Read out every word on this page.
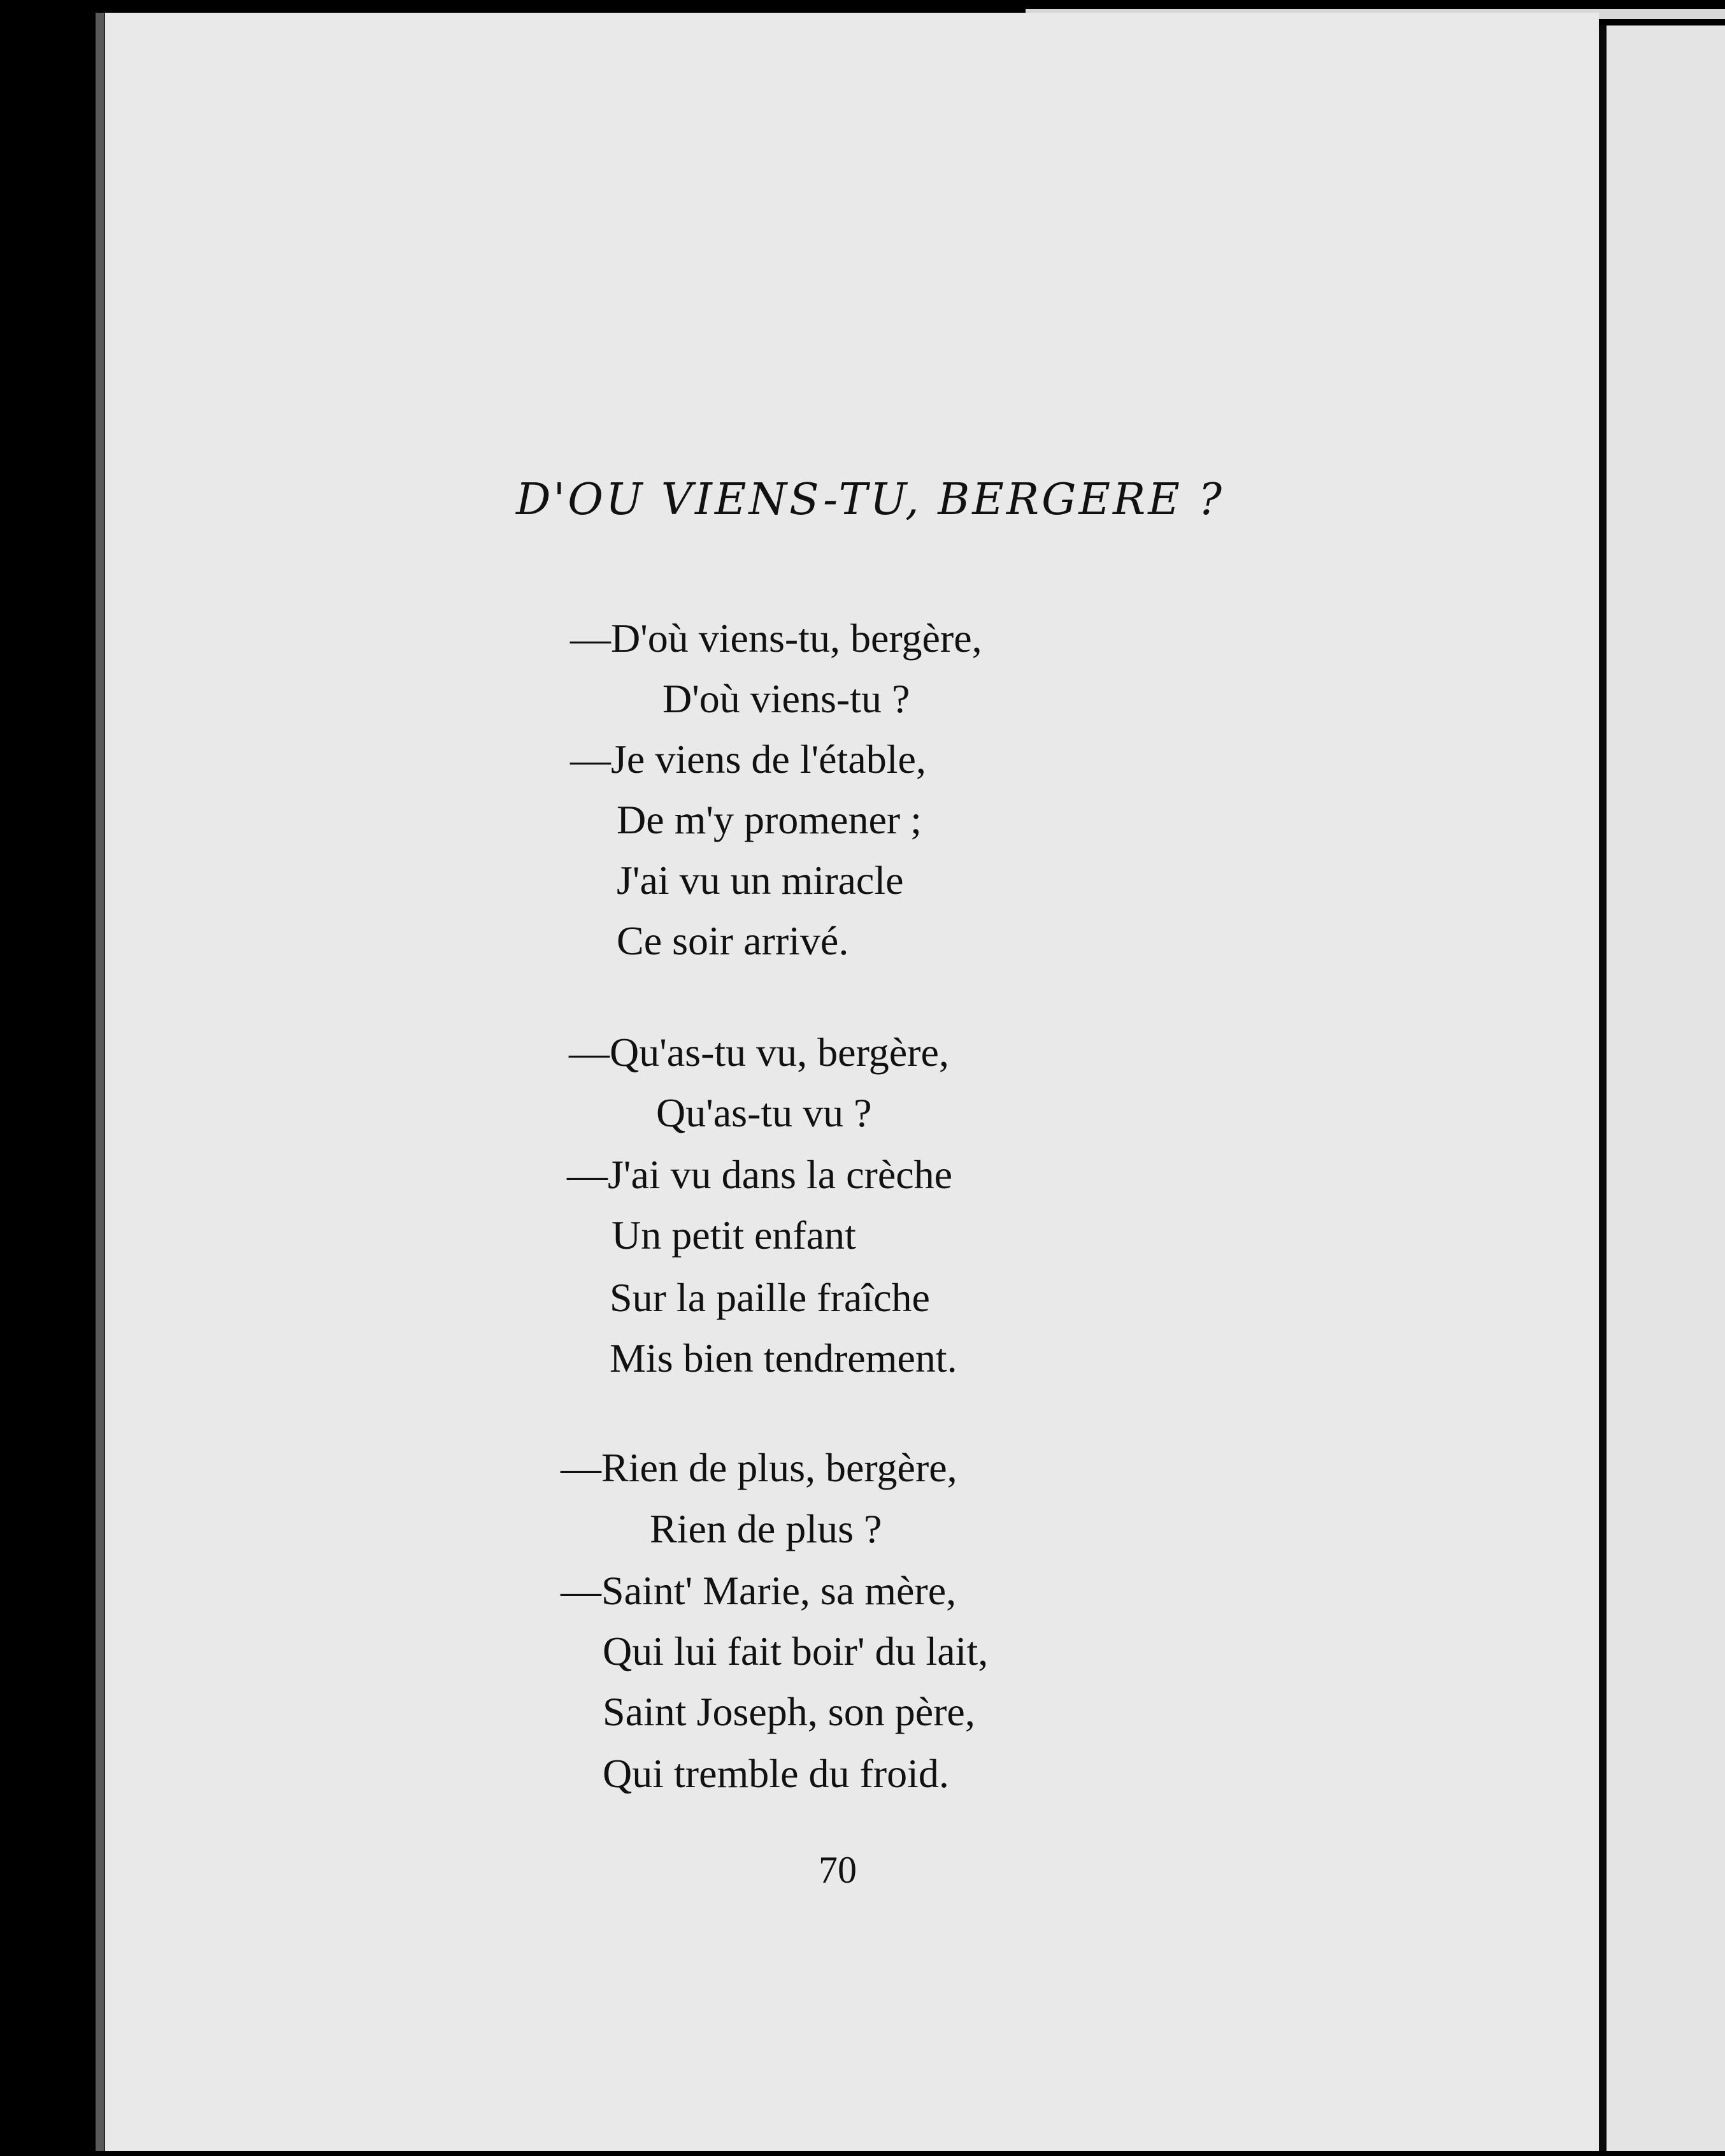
D'OU VIENS-TU, BERGERE ?

—D'où viens-tu, bergère,

D'où viens-tu ?

—Je viens de l'étable,

De m'y promener ;

J'ai vu un miracle

Ce soir arrivé.

—Qu'as-tu vu, bergère,

Qu'as-tu vu ?

—J'ai vu dans la crèche

Un petit enfant

Sur la paille fraîche

Mis bien tendrement.

—Rien de plus, bergère,

Rien de plus ?

—Saint' Marie, sa mère,

Qui lui fait boir' du lait,

Saint Joseph, son père,

Qui tremble du froid.

70
